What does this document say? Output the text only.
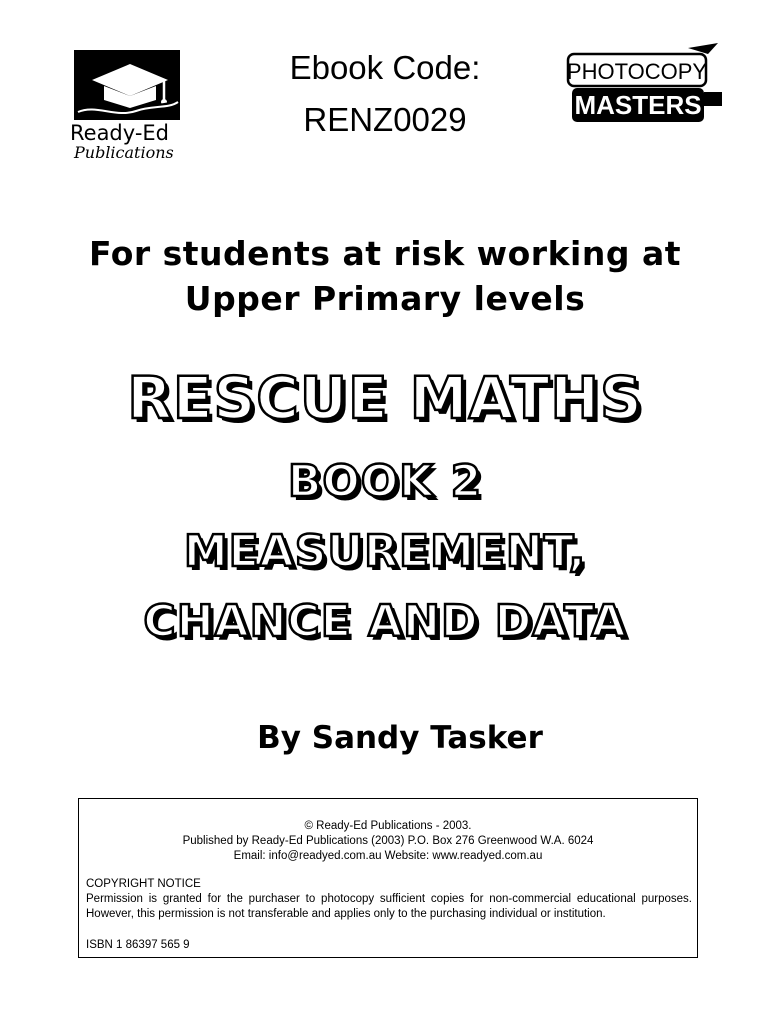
Ready-Ed
Publications
Ebook Code:
RENZ0029
PHOTOCOPY
MASTERS
For students at risk working at
Upper Primary levels
RESCUE MATHS
BOOK 2
MEASUREMENT,
CHANCE AND DATA
By Sandy Tasker
© Ready-Ed Publications - 2003.
Published by Ready-Ed Publications (2003) P.O. Box 276 Greenwood W.A. 6024
Email: info@readyed.com.au Website: www.readyed.com.au
COPYRIGHT NOTICE
Permission is granted for the purchaser to photocopy sufficient copies for non-commercial educational purposes. However, this permission is not transferable and applies only to the purchasing individual or institution.
ISBN 1 86397 565 9
